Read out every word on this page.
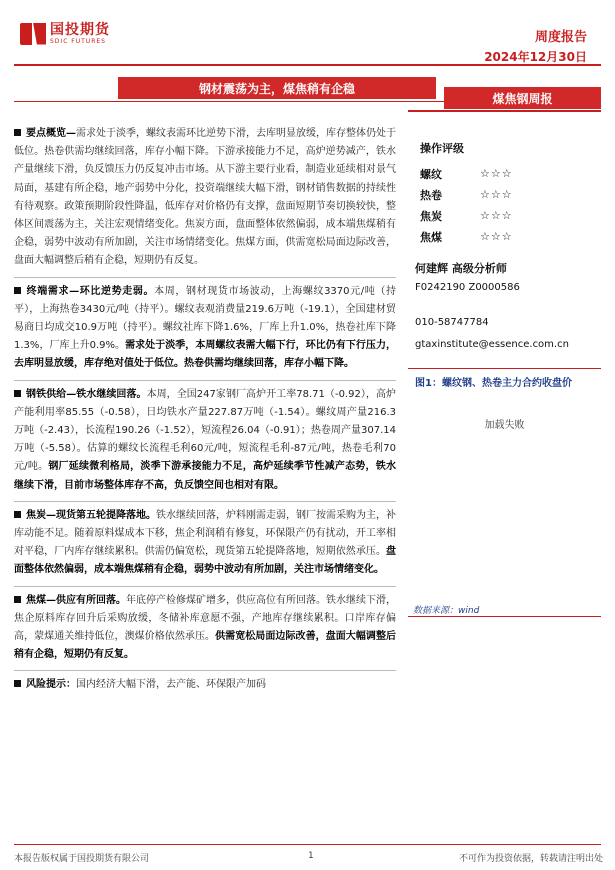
国投期货
SDIC FUTURES	周度报告
2024年12月30日
钢材震荡为主，煤焦稍有企稳
煤焦钢周报

要点概览—需求处于淡季，螺纹表需环比逆势下滑，去库明显放缓，库存整体仍处于低位。热卷供需均继续回落，库存小幅下降。下游承接能力不足，高炉逆势减产，铁水产量继续下滑，负反馈压力仍反复冲击市场。从下游主要行业看，制造业延续相对景气局面，基建有所企稳，地产弱势中分化，投资端继续大幅下滑，钢材销售数据的持续性有待观察。政策预期阶段性降温，低库存对价格仍有支撑，盘面短期节奏切换较快，整体区间震荡为主，关注宏观情绪变化。焦炭方面，盘面整体依然偏弱，成本端焦煤稍有企稳，弱势中波动有所加剧，关注市场情绪变化。焦煤方面，供需宽松局面边际改善，盘面大幅调整后稍有企稳，短期仍有反复。

终端需求—环比逆势走弱。本周，钢材现货市场波动，上海螺纹3370元/吨（持平），上海热卷3430元/吨（持平）。螺纹表观消费量219.6万吨（-19.1），全国建材贸易商日均成交10.9万吨（持平）。螺纹社库下降1.6%，厂库上升1.0%，热卷社库下降1.3%，厂库上升0.9%。需求处于淡季，本周螺纹表需大幅下行，环比仍有下行压力，去库明显放缓，库存绝对值处于低位。热卷供需均继续回落，库存小幅下降。

钢铁供给—铁水继续回落。本周，全国247家钢厂高炉开工率78.71（-0.92），高炉产能利用率85.55（-0.58），日均铁水产量227.87万吨（-1.54）。螺纹周产量216.3万吨（-2.43），长流程190.26（-1.52），短流程26.04（-0.91）；热卷周产量307.14万吨（-5.58）。估算的螺纹长流程毛利60元/吨，短流程毛利-87元/吨，热卷毛利70元/吨。钢厂延续微利格局，淡季下游承接能力不足，高炉延续季节性减产态势，铁水继续下滑，目前市场整体库存不高，负反馈空间也相对有限。

焦炭—现货第五轮提降落地。铁水继续回落，炉料刚需走弱，钢厂按需采购为主，补库动能不足。随着原料煤成本下移，焦企利润稍有修复，环保限产仍有扰动，开工率相对平稳，厂内库存继续累积。供需仍偏宽松，现货第五轮提降落地，短期依然承压。盘面整体依然偏弱，成本端焦煤稍有企稳，弱势中波动有所加剧，关注市场情绪变化。

焦煤—供应有所回落。年底停产检修煤矿增多，供应高位有所回落。铁水继续下滑，焦企原料库存回升后采购放缓，冬储补库意愿不强，产地库存继续累积。口岸库存偏高，蒙煤通关维持低位，澳煤价格依然承压。供需宽松局面边际改善，盘面大幅调整后稍有企稳，短期仍有反复。

风险提示：国内经济大幅下滑，去产能、环保限产加码

操作评级
螺纹	☆☆☆
热卷	☆☆☆
焦炭	☆☆☆
焦煤	☆☆☆
何建辉 高级分析师
F0242190 Z0000586
010-58747784
gtaxinstitute@essence.com.cn
图1：螺纹钢、热卷主力合约收盘价
加载失败
数据来源：wind
本报告版权属于国投期货有限公司	1	不可作为投资依据，转载请注明出处
